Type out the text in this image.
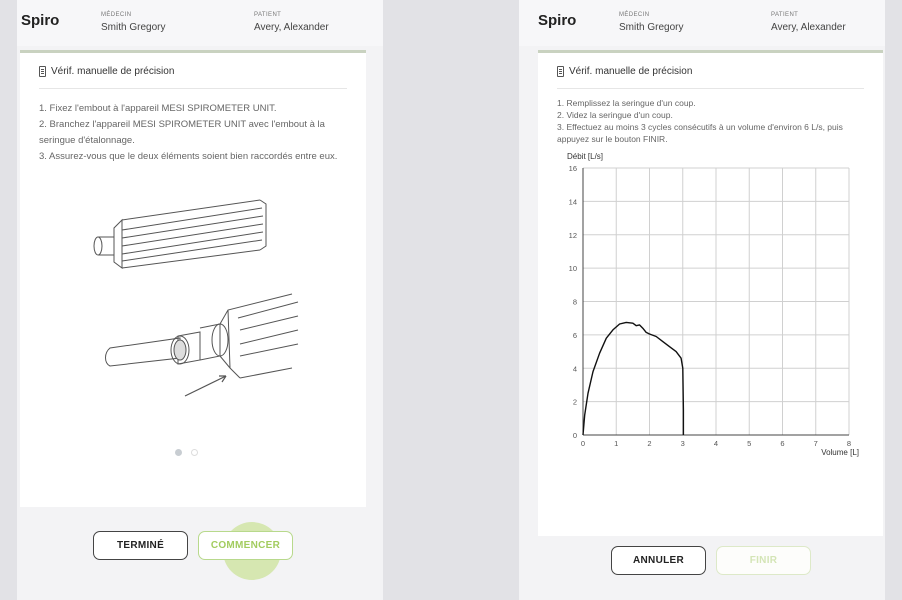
Spiro	MÉDECIN
Smith Gregory
PATIENT
Avery, Alexander
Vérif. manuelle de précision
1. Fixez l'embout à l'appareil MESI SPIROMETER UNIT.
2. Branchez l'appareil MESI SPIROMETER UNIT avec l'embout à la seringue d'étalonnage.
3. Assurez-vous que le deux éléments soient bien raccordés entre eux.
TERMINÉ	COMMENCER
Spiro	MÉDECIN
Smith Gregory
PATIENT
Avery, Alexander
Vérif. manuelle de précision
1. Remplissez la seringue d'un coup.
2. Videz la seringue d'un coup.
3. Effectuez au moins 3 cycles consécutifs à un volume d'environ 6 L/s, puis appuyez sur le bouton FINIR.
0	1	2	3	4	5	6	7	8
0
2
4
6
8
10
12
14
16
Débit [L/s]
Volume [L]
ANNULER	FINIR
